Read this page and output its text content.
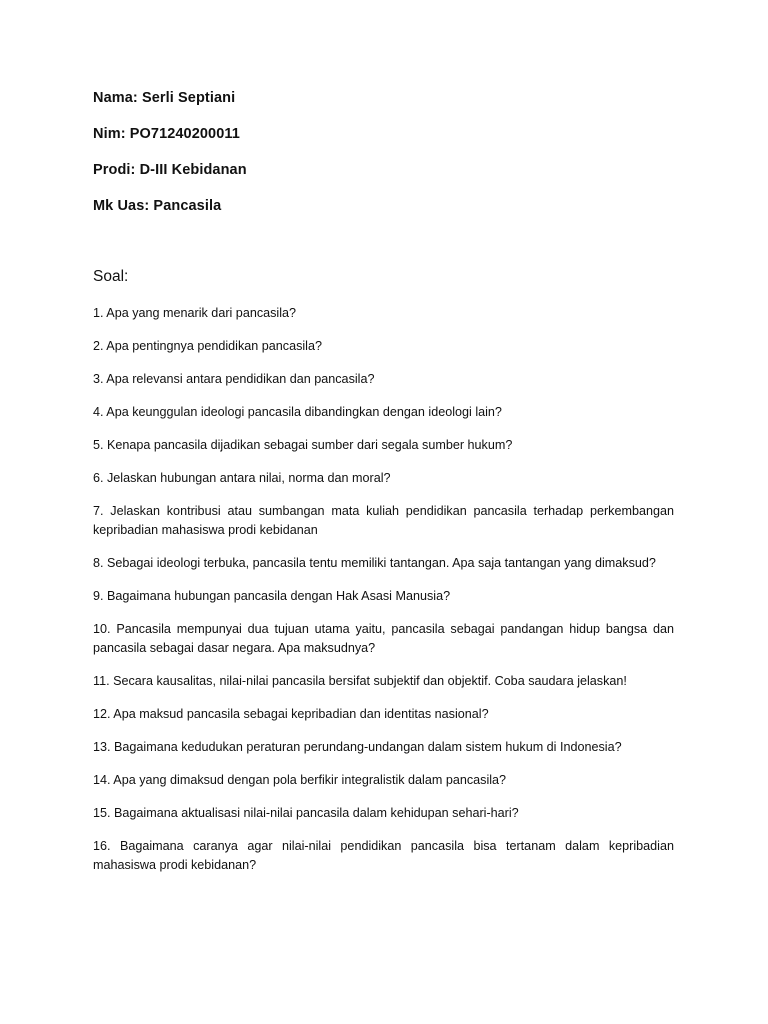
Nama: Serli Septiani
Nim: PO71240200011
Prodi: D-III Kebidanan
Mk Uas: Pancasila
Soal:
1. Apa yang menarik dari pancasila?
2. Apa pentingnya pendidikan pancasila?
3. Apa relevansi antara pendidikan dan pancasila?
4. Apa keunggulan ideologi pancasila dibandingkan dengan ideologi lain?
5. Kenapa pancasila dijadikan sebagai sumber dari segala sumber hukum?
6. Jelaskan hubungan antara nilai, norma dan moral?
7. Jelaskan kontribusi atau sumbangan mata kuliah pendidikan pancasila terhadap perkembangan kepribadian mahasiswa prodi kebidanan
8. Sebagai ideologi terbuka, pancasila tentu memiliki tantangan. Apa saja tantangan yang dimaksud?
9. Bagaimana hubungan pancasila dengan Hak Asasi Manusia?
10. Pancasila mempunyai dua tujuan utama yaitu, pancasila sebagai pandangan hidup bangsa dan pancasila sebagai dasar negara. Apa maksudnya?
11. Secara kausalitas, nilai-nilai pancasila bersifat subjektif dan objektif. Coba saudara jelaskan!
12. Apa maksud pancasila sebagai kepribadian dan identitas nasional?
13. Bagaimana kedudukan peraturan perundang-undangan dalam sistem hukum di Indonesia?
14. Apa yang dimaksud dengan pola berfikir integralistik dalam pancasila?
15. Bagaimana aktualisasi nilai-nilai pancasila dalam kehidupan sehari-hari?
16. Bagaimana caranya agar nilai-nilai pendidikan pancasila bisa tertanam dalam kepribadian mahasiswa prodi kebidanan?
